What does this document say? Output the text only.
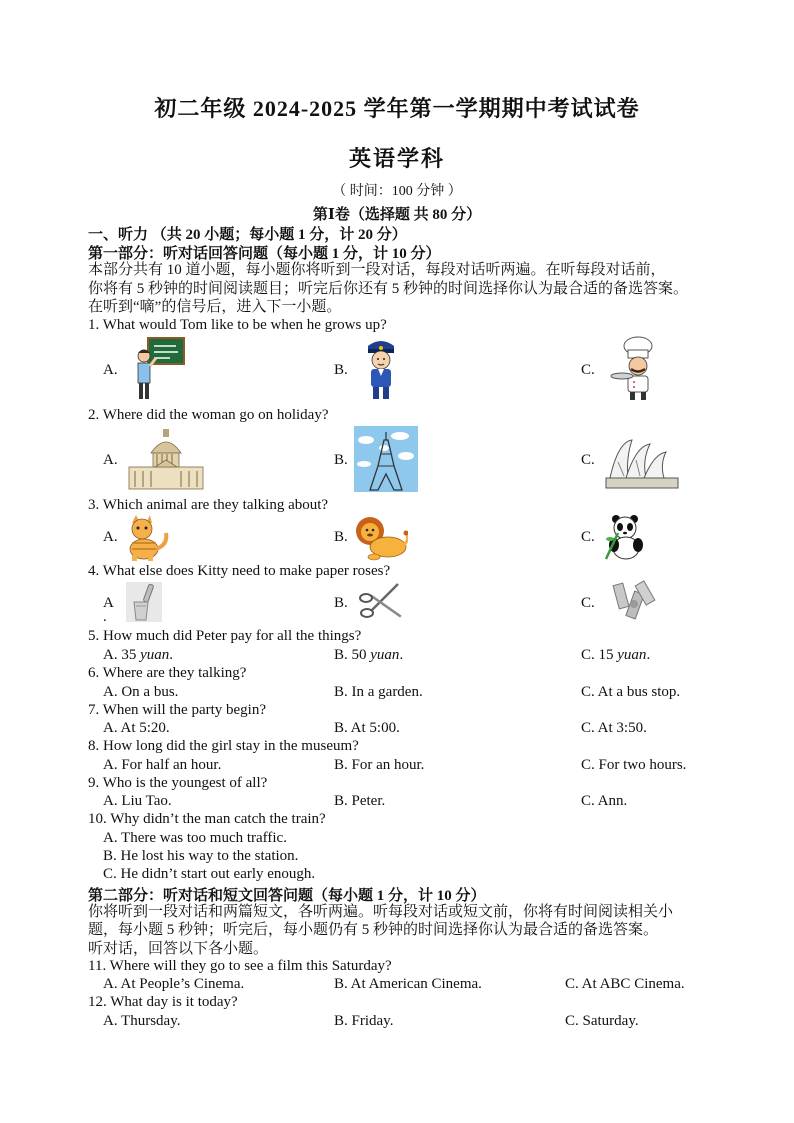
初二年级 2024-2025 学年第一学期期中考试试卷
英语学科
（ 时间：100 分钟 ）
第Ⅰ卷（选择题 共 80 分）
一、听力 （共 20 小题；每小题 1 分，计 20 分）
第一部分：听对话回答问题（每小题 1 分，计 10 分）
本部分共有 10 道小题，每小题你将听到一段对话，每段对话听两遍。在听每段对话前，
你将有 5 秒钟的时间阅读题目；听完后你还有 5 秒钟的时间选择你认为最合适的备选答案。
在听到“嘀”的信号后，进入下一小题。
1. What would Tom like to be when he grows up?
A.	B.	C.
2. Where did the woman go on holiday?
A.	B.	C.
3. Which animal are they talking about?
A.	B.	C.
4. What else does Kitty need to make paper roses?
A
.
B.	C.
5. How much did Peter pay for all the things?
A. 35 yuan.	B. 50 yuan.	C. 15 yuan.
6. Where are they talking?
A. On a bus.	B. In a garden.	C. At a bus stop.
7. When will the party begin?
A. At 5:20.	B. At 5:00.	C. At 3:50.
8. How long did the girl stay in the museum?
A. For half an hour.	B. For an hour.	C. For two hours.
9. Who is the youngest of all?
A. Liu Tao.	B. Peter.	C. Ann.
10. Why didn’t the man catch the train?
A. There was too much traffic.
B. He lost his way to the station.
C. He didn’t start out early enough.
第二部分：听对话和短文回答问题（每小题 1 分，计 10 分）
你将听到一段对话和两篇短文，各听两遍。听每段对话或短文前，你将有时间阅读相关小
题，每小题 5 秒钟；听完后，每小题仍有 5 秒钟的时间选择你认为最合适的备选答案。
听对话，回答以下各小题。
11. Where will they go to see a film this Saturday?
A. At People’s Cinema.	B. At American Cinema.	C. At ABC Cinema.
12. What day is it today?
A. Thursday.	B. Friday.	C. Saturday.
